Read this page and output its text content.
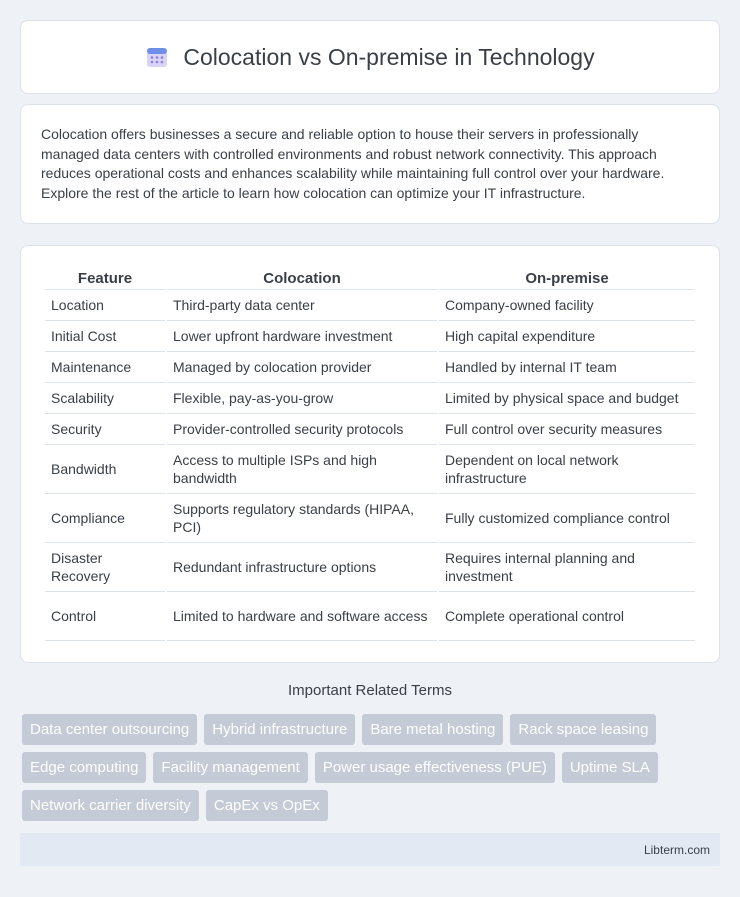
Colocation vs On-premise in Technology

Colocation offers businesses a secure and reliable option to house their servers in professionally managed data centers with controlled environments and robust network connectivity. This approach reduces operational costs and enhances scalability while maintaining full control over your hardware. Explore the rest of the article to learn how colocation can optimize your IT infrastructure.

Feature	Colocation	On-premise
Location	Third-party data center	Company-owned facility
Initial Cost	Lower upfront hardware investment	High capital expenditure
Maintenance	Managed by colocation provider	Handled by internal IT team
Scalability	Flexible, pay-as-you-grow	Limited by physical space and budget
Security	Provider-controlled security protocols	Full control over security measures
Bandwidth	Access to multiple ISPs and high bandwidth	Dependent on local network infrastructure
Compliance	Supports regulatory standards (HIPAA, PCI)	Fully customized compliance control
Disaster Recovery	Redundant infrastructure options	Requires internal planning and investment
Control	Limited to hardware and software access	Complete operational control
Important Related Terms
Data center outsourcing	Hybrid infrastructure	Bare metal hosting	Rack space leasing
Edge computing	Facility management	Power usage effectiveness (PUE)	Uptime SLA
Network carrier diversity	CapEx vs OpEx
Libterm.com
